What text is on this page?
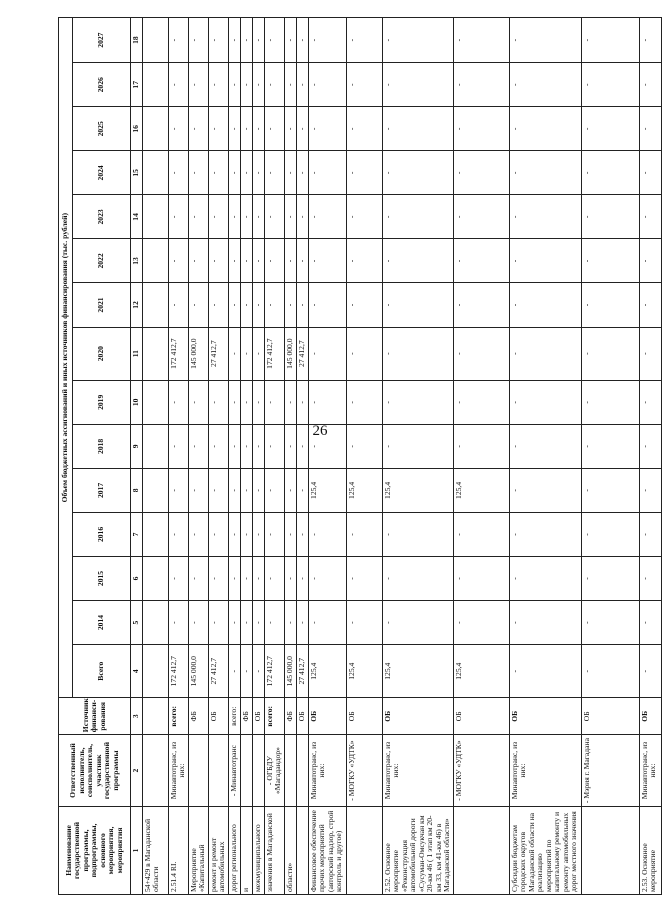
26
Наименование государственной программы, подпрограммы, основного мероприятия, мероприятия	Ответственный исполнитель, соисполнитель, участник государственной программы	Источник финанси-рования	Объем бюджетных ассигнований и иных источников финансирования (тыс. рублей)														
			Всего	2014	2015	2016	2017	2018	2019	2020	2021	2022	2023	2024	2025	2026	2027
1	2	3	4	5	6	7	8	9	10	11	12	13	14	15	16	17	18
54+429 в Магаданской области																	
2.51.4 RI.	Минавтотранс, из них:	всего:	172 412,7	-	-	-	-	-	-	172 412,7	-	-	-	-	-	-	-
Мероприятие «Капитальный		ФБ	145 000,0	-	-	-	-	-	-	145 000,0	-	-	-	-	-	-	-
ремонт и ремонт автомобильных		ОБ	27 412,7	-	-	-	-	-	-	27 412,7	-	-	-	-	-	-	-
дорог регионального	- Минавтотранс	всего:	-	-	-	-	-	-	-	-	-	-	-	-	-	-	-
и		ФБ	-	-	-	-	-	-	-	-	-	-	-	-	-	-	-
межмуниципального		ОБ	-	-	-	-	-	-	-	-	-	-	-	-	-	-	-
значения в Магаданской	- ОГБДУ «Магадандор»	всего:	172 412,7	-	-	-	-	-	-	172 412,7	-	-	-	-	-	-	-
области»		ФБ	145 000,0	-	-	-	-	-	-	145 000,0	-	-	-	-	-	-	-
		ОБ	27 412,7	-	-	-	-	-	-	27 412,7	-	-	-	-	-	-	-
Финансовое обеспечение прочих мероприятий (авторский надзор, строй контроль и другое)	Минавтотранс, из них:	ОБ	125,4	-	-	-	125,4	-	-	-	-	-	-	-	-	-	-
	- МОГКУ «УДТК»	ОБ	125,4	-	-	-	125,4	-	-	-	-	-	-	-	-	-	-
2.52. Основное мероприятие «Реконструкция автомобильной дороги «Сусуман-Омсукчан км 20-км 46 ( 1 этап км 20-км 33, км 41-км 46) в Магаданской области»	Минавтотранс, из них:	ОБ	125,4	-	-	-	125,4	-	-	-	-	-	-	-	-	-	-
	- МОГКУ «УДТК»	ОБ	125,4	-	-	-	125,4	-	-	-	-	-	-	-	-	-	-
Субсидии бюджетам городских округов Магаданской области на реализацию мероприятий по капитальному ремонту и ремонту автомобильных дорог местного значения	Минавтотранс, из них:	ОБ	-	-	-	-	-	-	-	-	-	-	-	-	-	-	-
	- Мэрия г. Магадана	ОБ	-	-	-	-	-	-	-	-	-	-	-	-	-	-	-
2.53. Основное мероприятие	Минавтотранс, из них:	ОБ	-	-	-	-	-	-	-	-	-	-	-	-	-	-	-
